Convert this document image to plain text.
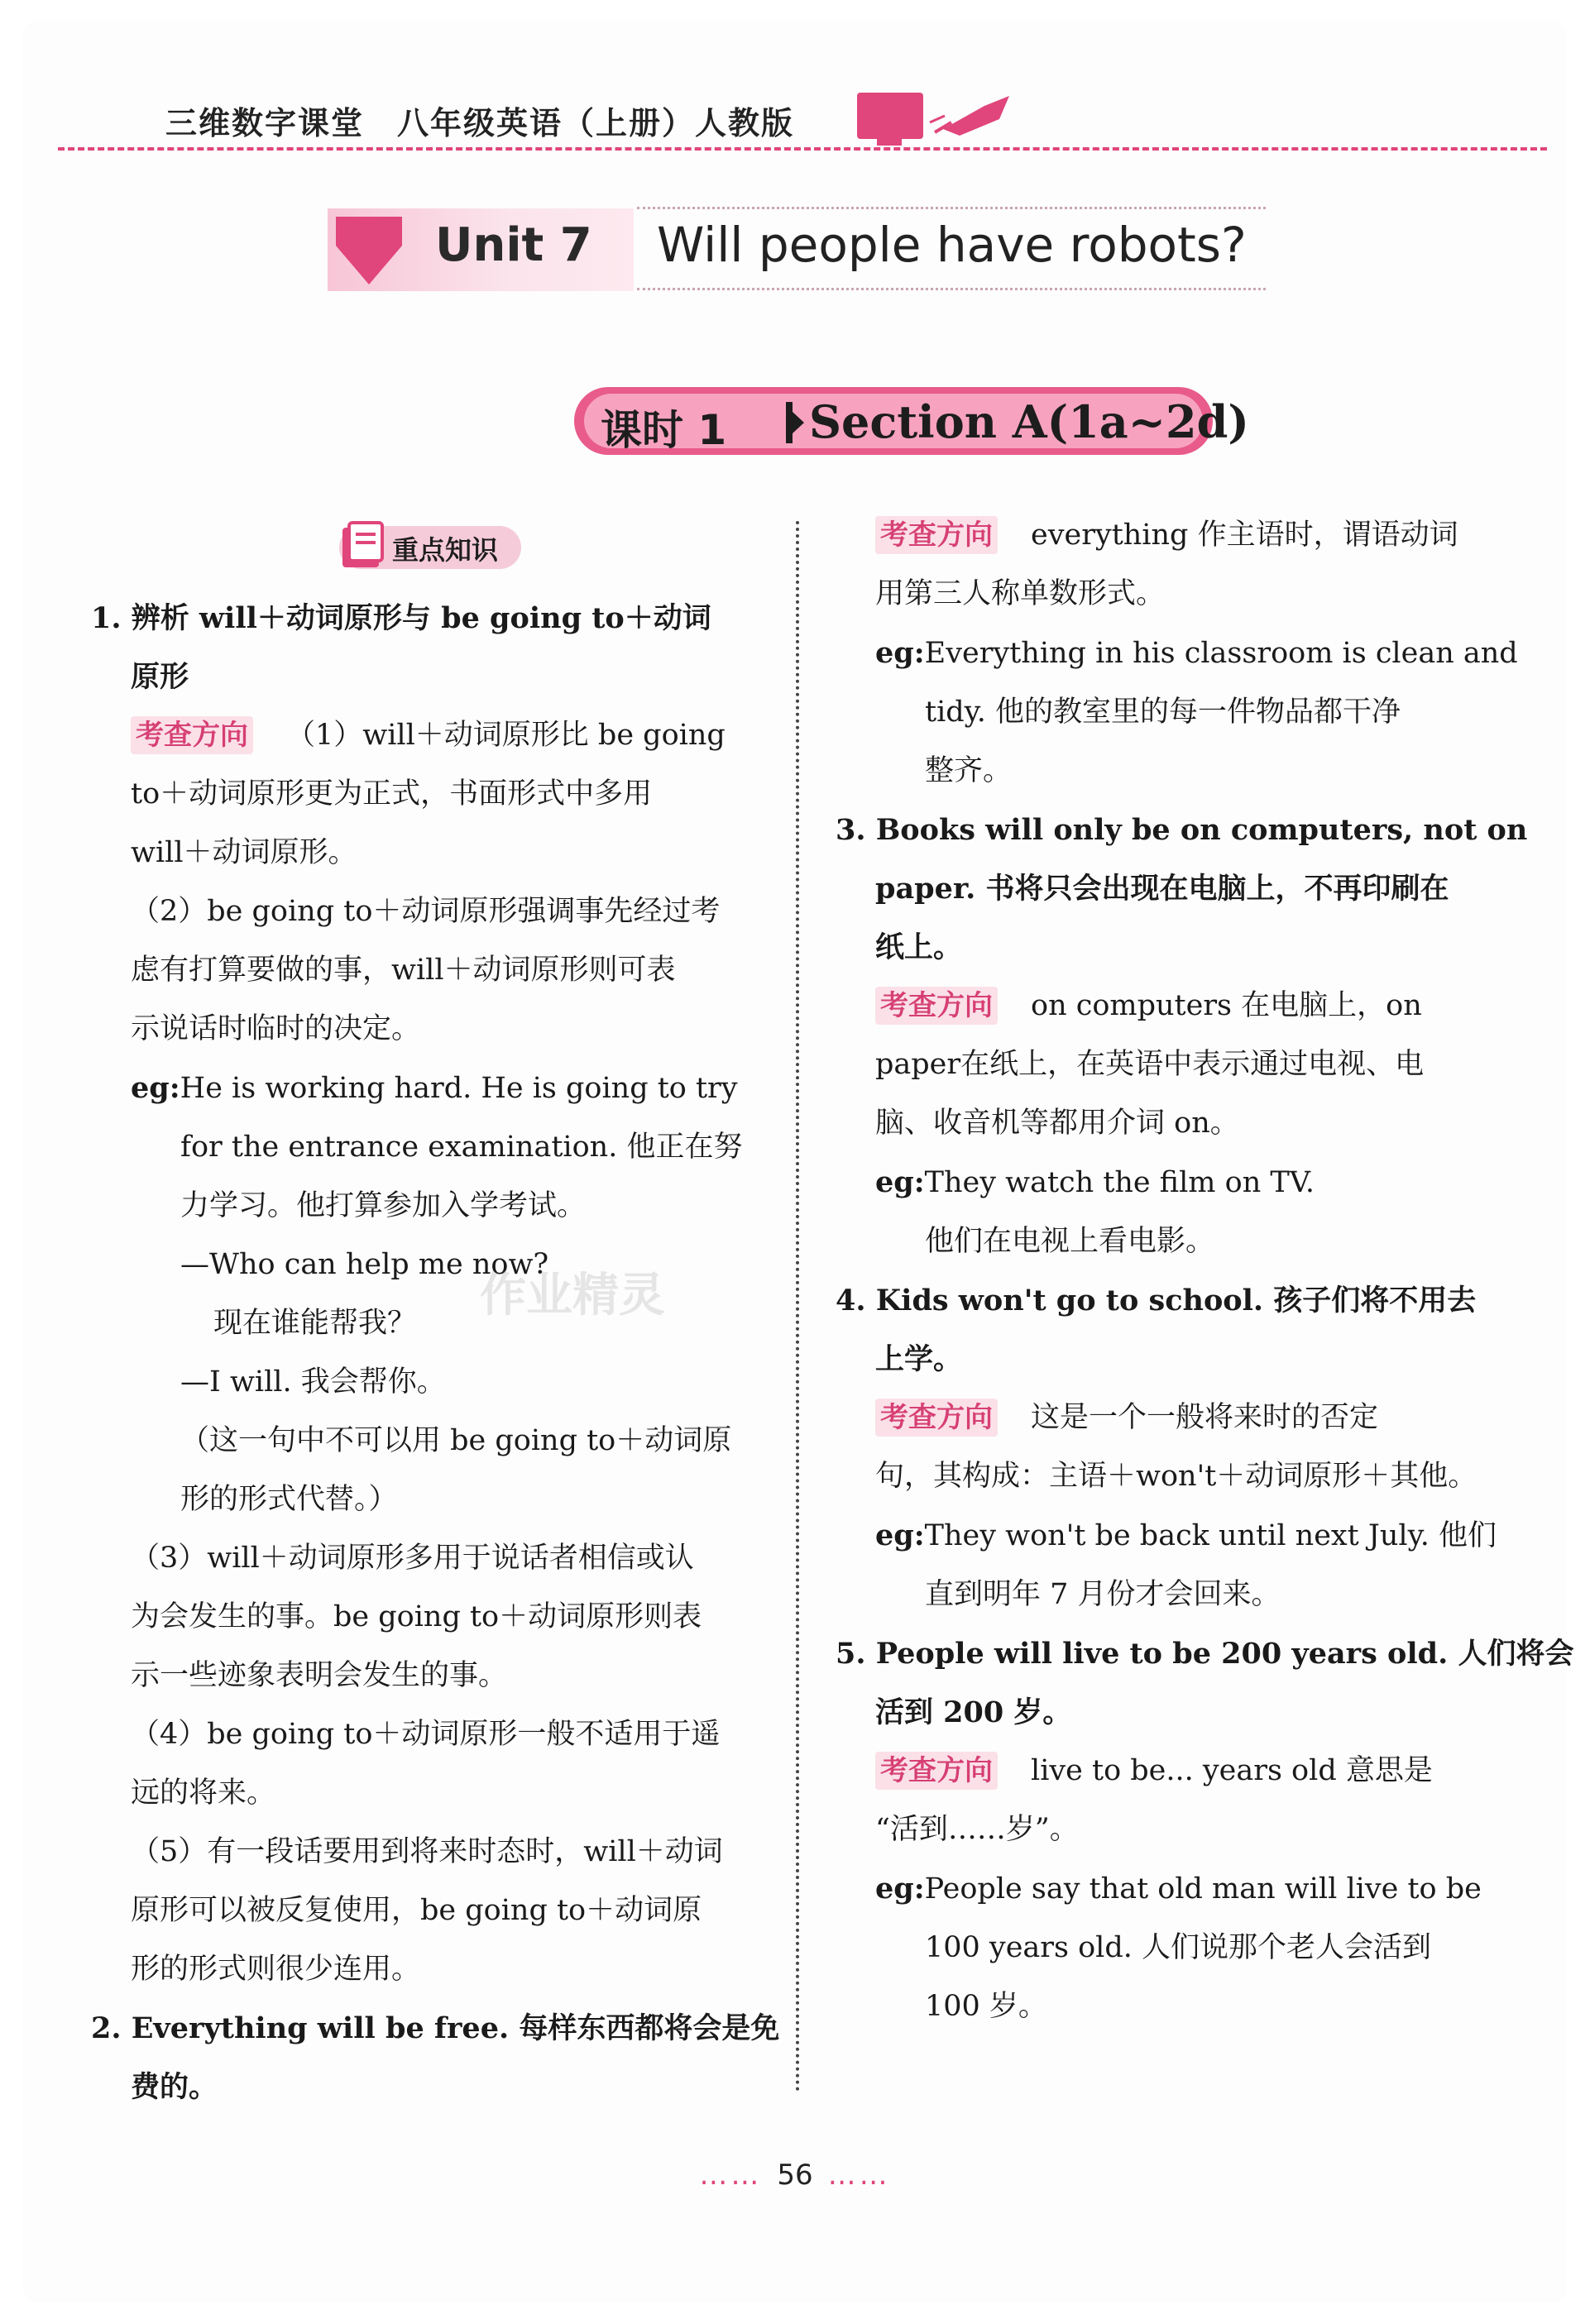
三维数字课堂　八年级英语（上册）人教版
Unit 7 Will people have robots?
课时 1 Section A(1a~2d)
重点知识

1. 辨析 will＋动词原形与 be going to＋动词

原形

考查方向 （1）will＋动词原形比 be going

to＋动词原形更为正式，书面形式中多用

will＋动词原形。

（2）be going to＋动词原形强调事先经过考

虑有打算要做的事，will＋动词原形则可表

示说话时临时的决定。

eg:He is working hard. He is going to try

for the entrance examination. 他正在努

力学习。他打算参加入学考试。

—Who can help me now?

现在谁能帮我？

—I will. 我会帮你。

（这一句中不可以用 be going to＋动词原

形的形式代替。）

（3）will＋动词原形多用于说话者相信或认

为会发生的事。be going to＋动词原形则表

示一些迹象表明会发生的事。

（4）be going to＋动词原形一般不适用于遥

远的将来。

（5）有一段话要用到将来时态时，will＋动词

原形可以被反复使用，be going to＋动词原

形的形式则很少连用。

2. Everything will be free. 每样东西都将会是免

费的。

考查方向 everything 作主语时，谓语动词

用第三人称单数形式。

eg:Everything in his classroom is clean and

tidy. 他的教室里的每一件物品都干净

整齐。

3. Books will only be on computers, not on

paper. 书将只会出现在电脑上，不再印刷在

纸上。

考查方向 on computers 在电脑上，on

paper在纸上，在英语中表示通过电视、电

脑、收音机等都用介词 on。

eg:They watch the film on TV.

他们在电视上看电影。

4. Kids won't go to school. 孩子们将不用去

上学。

考查方向 这是一个一般将来时的否定

句，其构成：主语＋won't＋动词原形＋其他。

eg:They won't be back until next July. 他们

直到明年 7 月份才会回来。

5. People will live to be 200 years old. 人们将会

活到 200 岁。

考查方向 live to be... years old 意思是

“活到……岁”。

eg:People say that old man will live to be

100 years old. 人们说那个老人会活到

100 岁。

作业精灵
…… 56 ……
